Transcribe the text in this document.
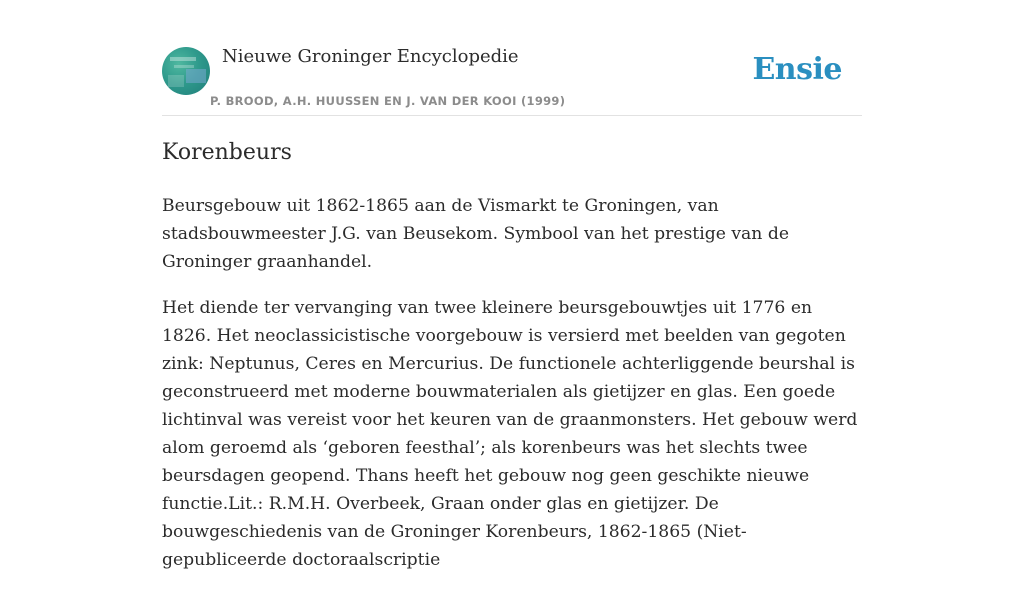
Nieuwe Groninger Encyclopedie
P. BROOD, A.H. HUUSSEN EN J. VAN DER KOOI (1999)
Ensie
Korenbeurs

Beursgebouw uit 1862-1865 aan de Vismarkt te Groningen, van stadsbouwmeester J.G. van Beusekom. Symbool van het prestige van de Groninger graanhandel.

Het diende ter vervanging van twee kleinere beursgebouwtjes uit 1776 en 1826. Het neoclassicistische voorgebouw is versierd met beelden van gegoten zink: Neptunus, Ceres en Mercurius. De functionele achterliggende beurshal is geconstrueerd met moderne bouwmaterialen als gietijzer en glas. Een goede lichtinval was vereist voor het keuren van de graanmonsters. Het gebouw werd alom geroemd als ‘geboren feesthal’; als korenbeurs was het slechts twee beursdagen geopend. Thans heeft het gebouw nog geen geschikte nieuwe functie.Lit.: R.M.H. Overbeek, Graan onder glas en gietijzer. De bouwgeschiedenis van de Groninger Korenbeurs, 1862-1865 (Niet-gepubliceerde doctoraalscriptie
